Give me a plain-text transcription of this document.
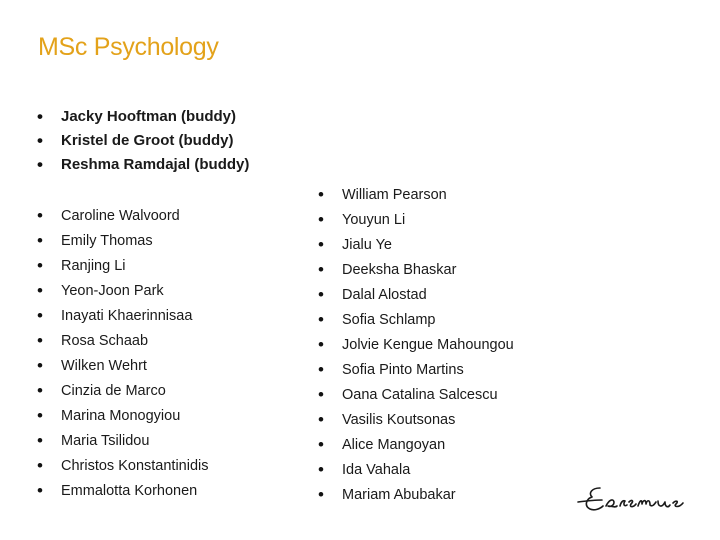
MSc Psychology
• Jacky Hooftman (buddy)
• Kristel de Groot (buddy)
• Reshma Ramdajal (buddy)
• Caroline Walvoord
• Emily Thomas
• Ranjing Li
• Yeon-Joon Park
• Inayati Khaerinnisaa
• Rosa Schaab
• Wilken Wehrt
• Cinzia de Marco
• Marina Monogyiou
• Maria Tsilidou
• Christos Konstantinidis
• Emmalotta Korhonen
• William Pearson
• Youyun Li
• Jialu Ye
• Deeksha Bhaskar
• Dalal Alostad
• Sofia Schlamp
• Jolvie Kengue Mahoungou
• Sofia Pinto Martins
• Oana Catalina Salcescu
• Vasilis Koutsonas
• Alice Mangoyan
• Ida Vahala
• Mariam Abubakar
